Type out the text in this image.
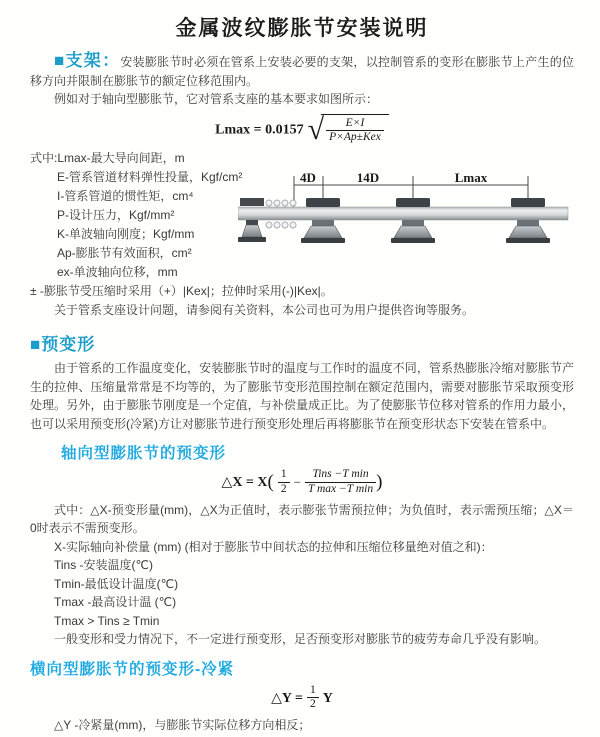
金属波纹膨胀节安装说明

■支架：安装膨胀节时必须在管系上安装必要的支架，以控制管系的变形在膨胀节上产生的位移方向并限制在膨胀节的额定位移范围内。

例如对于轴向型膨胀节，它对管系支座的基本要求如图所示：

Lmax = 0.0157 √ $\frac{E\times I}{\text{P×Ap±Kex}}$
式中:Lmax-最大导向间距，m
E-管系管道材料弹性投量，Kgf/cm²
I-管系管道的惯性矩，cm⁴
P-设计压力，Kgf/mm²
K-单波轴向刚度；Kgf/mm
Ap-膨胀节有效面积，cm²
ex-单波轴向位移，mm
4D	14D	Lmax

± -膨胀节受压缩时采用（+）|Kex|；拉伸时采用(-)|Kex|。

关于管系支座设计问题，请参阅有关资料，本公司也可为用户提供咨询等服务。

■预变形

由于管系的工作温度变化，安装膨胀节时的温度与工作时的温度不同，管系热膨胀冷缩对膨胀节产生的拉伸、压缩量常常是不均等的，为了膨胀节变形范围控制在额定范围内，需要对膨胀节采取预变形处理。另外，由于膨胀节刚度是一个定值，与补偿量成正比。为了使膨胀节位移对管系的作用力最小，也可以采用预变形(冷紧)方让对膨胀节进行预变形处理后再将膨胀节在预变形状态下安装在管系中。

轴向型膨胀节的预变形
△X = $X( \frac{1}{2} - \frac{\text{Tins −T min}}{\text{T max −T min}}$ )

式中：△X-预变形量(mm)，△X为正值时，表示膨张节需预拉伸；为负值时，表示需预压缩；△X＝0时表示不需预变形。

X-实际轴向补偿量 (mm) (相对于膨胀节中间状态的拉伸和压缩位移量绝对值之和)：

Tins -安装温度(℃)

Tmin-最低设计温度(℃)

Tmax -最高设计温 (℃)

Tmax > Tins ≥ Tmin

一般变形和受力情况下，不一定进行预变形，足否预变形对膨胀节的疲劳寿命几乎没有影响。

横向型膨胀节的预变形-冷紧
△Y = $\frac{1}{2}$ Y

△Y -冷紧量(mm)，与膨胀节实际位移方向相反；
